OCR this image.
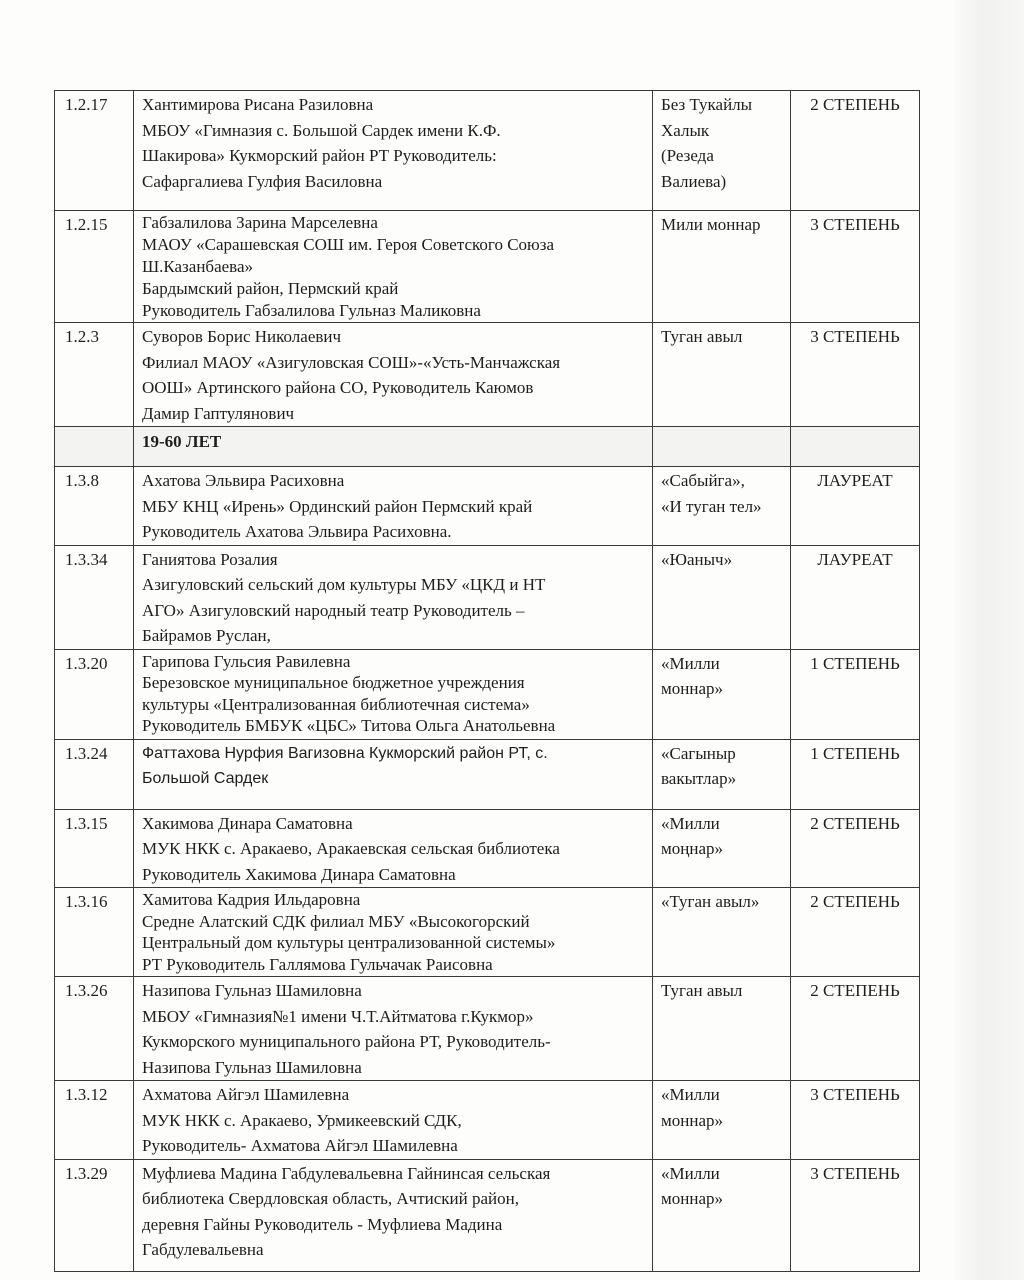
1.2.17	Хантимирова Рисана Разиловна
МБОУ «Гимназия с. Большой Сардек имени К.Ф.
Шакирова» Кукморский район РТ Руководитель:
Сафаргалиева Гулфия Василовна	Без Тукайлы
Халык
(Резеда
Валиева)	2 СТЕПЕНЬ
1.2.15	Габзалилова Зарина Марселевна
МАОУ «Сарашевская СОШ им. Героя Советского Союза
Ш.Казанбаева»
Бардымский район, Пермский край
Руководитель Габзалилова Гульназ Маликовна	Мили моннар	3 СТЕПЕНЬ
1.2.3	Суворов Борис Николаевич
Филиал МАОУ «Азигуловская СОШ»-«Усть-Манчажская
ООШ» Артинского района СО, Руководитель Каюмов
Дамир Гаптулянович	Туган авыл	3 СТЕПЕНЬ
	19-60 ЛЕТ		
1.3.8	Ахатова Эльвира Расиховна
МБУ КНЦ «Ирень» Ординский район Пермский край
Руководитель Ахатова Эльвира Расиховна.	«Сабыйга»,
«И туган тел»	ЛАУРЕАТ
1.3.34	Ганиятова Розалия
Азигуловский сельский дом культуры МБУ «ЦКД и НТ
АГО» Азигуловский народный театр Руководитель –
Байрамов Руслан,	«Юаныч»	ЛАУРЕАТ
1.3.20	Гарипова Гульсия Равилевна
Березовское муниципальное бюджетное учреждения
культуры «Централизованная библиотечная система»
Руководитель БМБУК «ЦБС» Титова Ольга Анатольевна	«Милли
моннар»	1 СТЕПЕНЬ
1.3.24	Фаттахова Нурфия Вагизовна Кукморский район РТ, с.
Большой Сардек	«Сагыныр
вакытлар»	1 СТЕПЕНЬ
1.3.15	Хакимова Динара Саматовна
МУК НКК с. Аракаево, Аракаевская сельская библиотека
Руководитель Хакимова Динара Саматовна	«Милли
моңнар»	2 СТЕПЕНЬ
1.3.16	Хамитова Кадрия Ильдаровна
Средне Алатский СДК филиал МБУ «Высокогорский
Центральный дом культуры централизованной системы»
РТ Руководитель Галлямова Гульчачак Раисовна	«Туган авыл»	2 СТЕПЕНЬ
1.3.26	Назипова Гульназ Шамиловна
МБОУ «Гимназия№1 имени Ч.Т.Айтматова г.Кукмор»
Кукморского муниципального района РТ, Руководитель-
Назипова Гульназ Шамиловна	Туган авыл	2 СТЕПЕНЬ
1.3.12	Ахматова Айгэл Шамилевна
МУК НКК с. Аракаево, Урмикеевский СДК,
Руководитель- Ахматова Айгэл Шамилевна	«Милли
моннар»	3 СТЕПЕНЬ
1.3.29	Муфлиева Мадина Габдулевальевна Гайнинсая сельская
библиотека Свердловская область, Ачтиский район,
деревня Гайны Руководитель - Муфлиева Мадина
Габдулевальевна	«Милли
моннар»	3 СТЕПЕНЬ
